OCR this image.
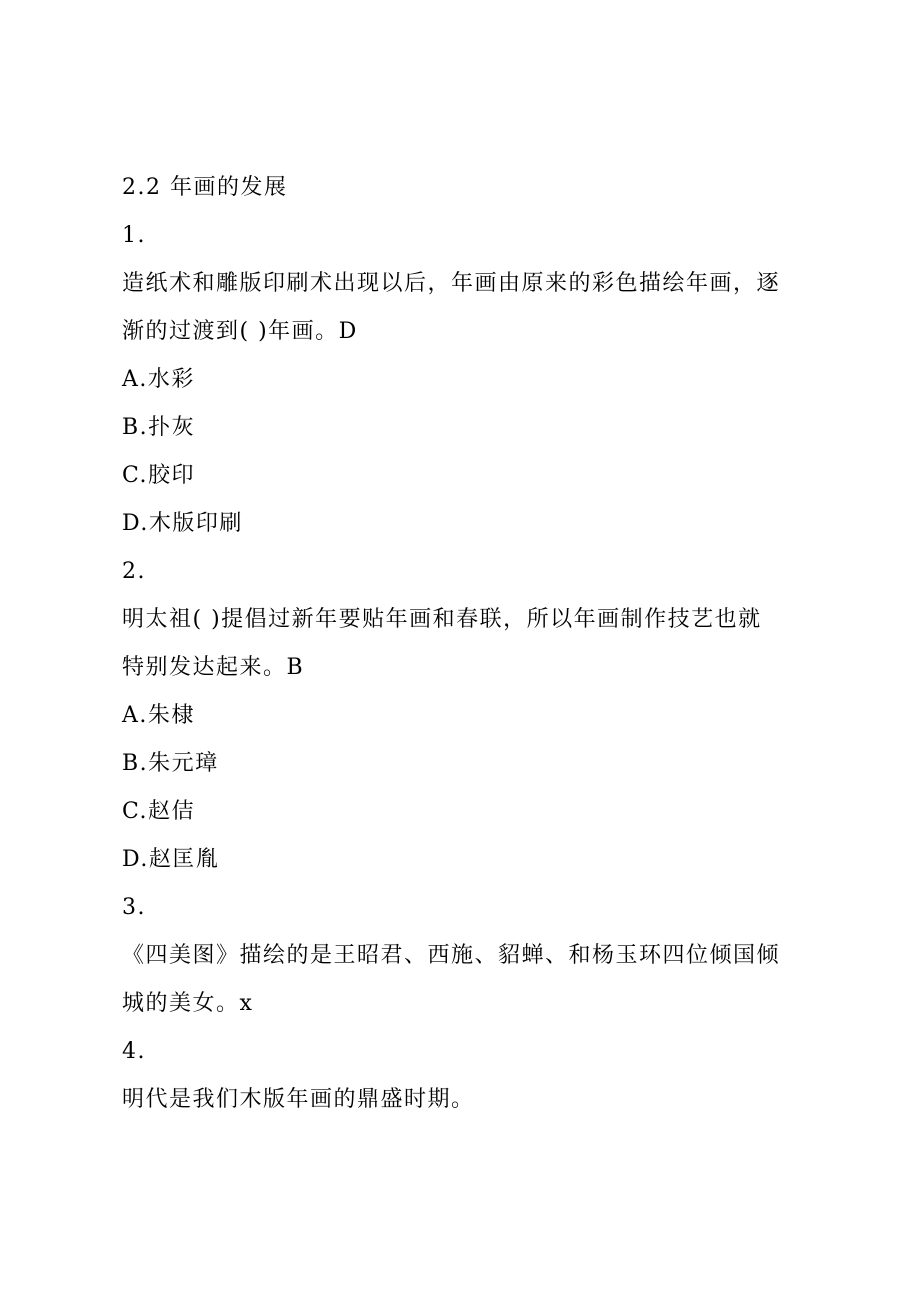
2.2 年画的发展
1.
造纸术和雕版印刷术出现以后，年画由原来的彩色描绘年画，逐
渐的过渡到( )年画。D
A.水彩
B.扑灰
C.胶印
D.木版印刷
2.
明太祖( )提倡过新年要贴年画和春联，所以年画制作技艺也就
特别发达起来。B
A.朱棣
B.朱元璋
C.赵佶
D.赵匡胤
3.
《四美图》描绘的是王昭君、西施、貂蝉、和杨玉环四位倾国倾
城的美女。x
4.
明代是我们木版年画的鼎盛时期。
